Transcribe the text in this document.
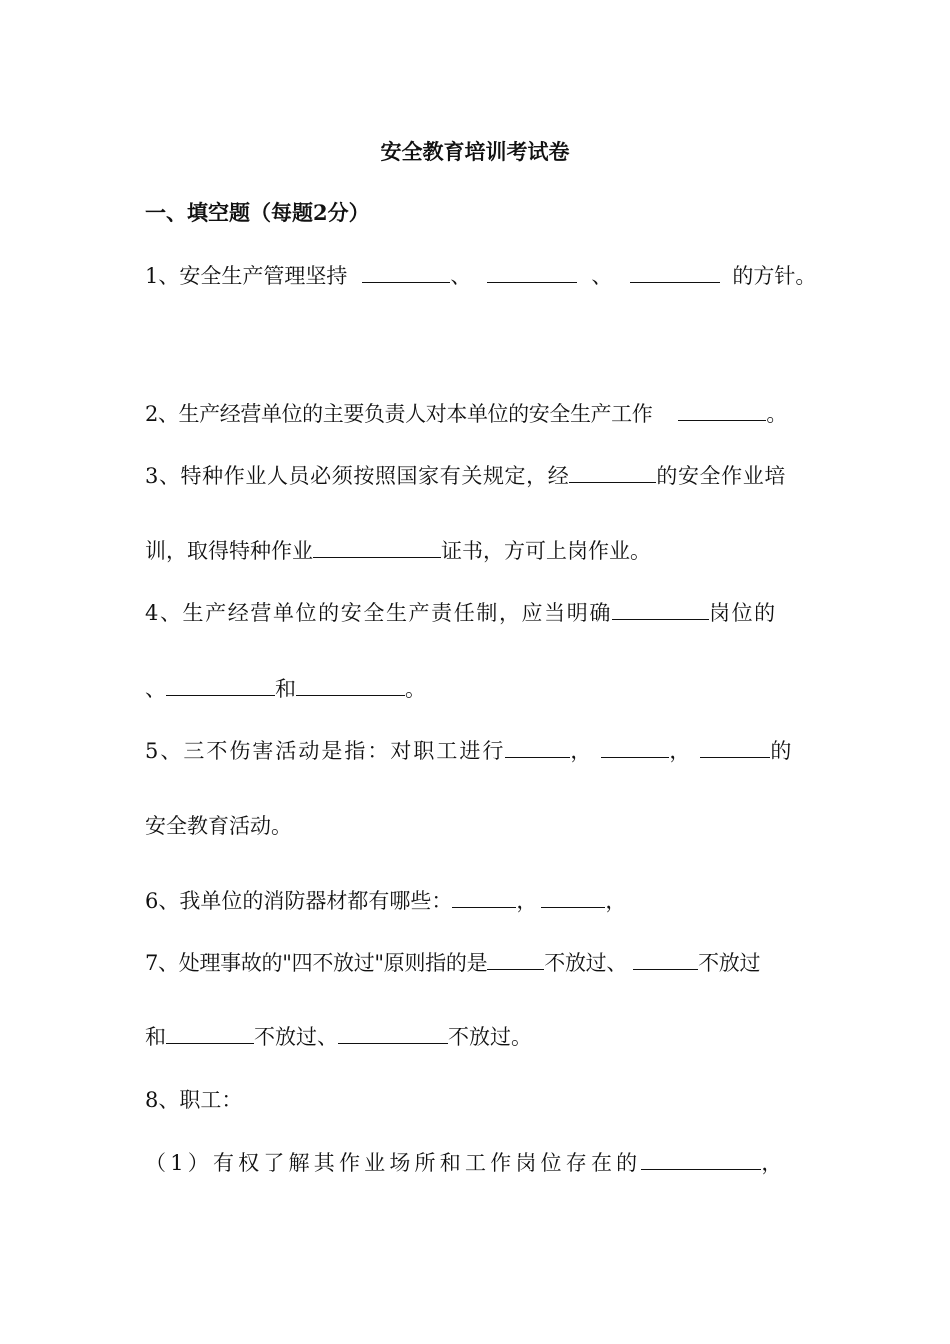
安全教育培训考试卷
一、填空题（每题2分）
1、安全生产管理坚持	、	、	的方针。
2、生产经营单位的主要负责人对本单位的安全生产工作	。
3、特种作业人员必须按照国家有关规定，经	的安全作业培
训，取得特种作业	证书，方可上岗作业。
4、生产经营单位的安全生产责任制，应当明确	岗位的
、	和	。
5、三不伤害活动是指：对职工进行	，	，	的
安全教育活动。
6、我单位的消防器材都有哪些：	，	，
7、处理事故的"四不放过"原则指的是	不放过、	不放过
和	不放过、	不放过。
8、职工：
（1）有权了解其作业场所和工作岗位存在的	，
